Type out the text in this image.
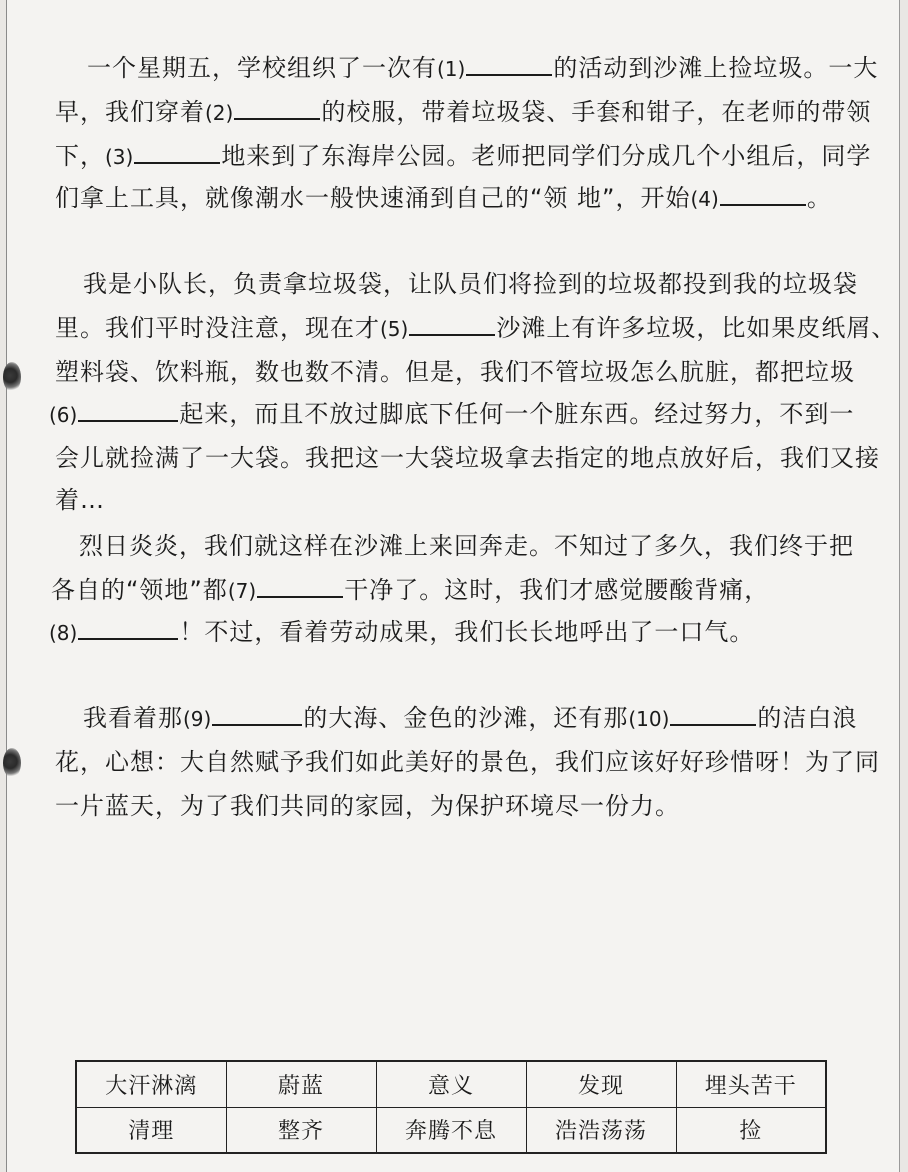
一个星期五，学校组织了一次有(1)	的活动到沙滩上捡垃圾。一大
早，我们穿着(2)	的校服，带着垃圾袋、手套和钳子，在老师的带领
下，(3)	地来到了东海岸公园。老师把同学们分成几个小组后，同学
们拿上工具，就像潮水一般快速涌到自己的“领 地”，开始(4)	。
我是小队长，负责拿垃圾袋，让队员们将捡到的垃圾都投到我的垃圾袋
里。我们平时没注意，现在才(5)	沙滩上有许多垃圾，比如果皮纸屑、
塑料袋、饮料瓶，数也数不清。但是，我们不管垃圾怎么肮脏，都把垃圾
(6)	起来，而且不放过脚底下任何一个脏东西。经过努力，不到一
会儿就捡满了一大袋。我把这一大袋垃圾拿去指定的地点放好后，我们又接
着…
烈日炎炎，我们就这样在沙滩上来回奔走。不知过了多久，我们终于把
各自的“领地”都(7)	干净了。这时，我们才感觉腰酸背痛，
(8)	！不过，看着劳动成果，我们长长地呼出了一口气。
我看着那(9)	的大海、金色的沙滩，还有那(10)	的洁白浪
花，心想：大自然赋予我们如此美好的景色，我们应该好好珍惜呀！为了同
一片蓝天，为了我们共同的家园，为保护环境尽一份力。
大汗淋漓	蔚蓝	意义	发现	埋头苦干
清理	整齐	奔腾不息	浩浩荡荡	捡
